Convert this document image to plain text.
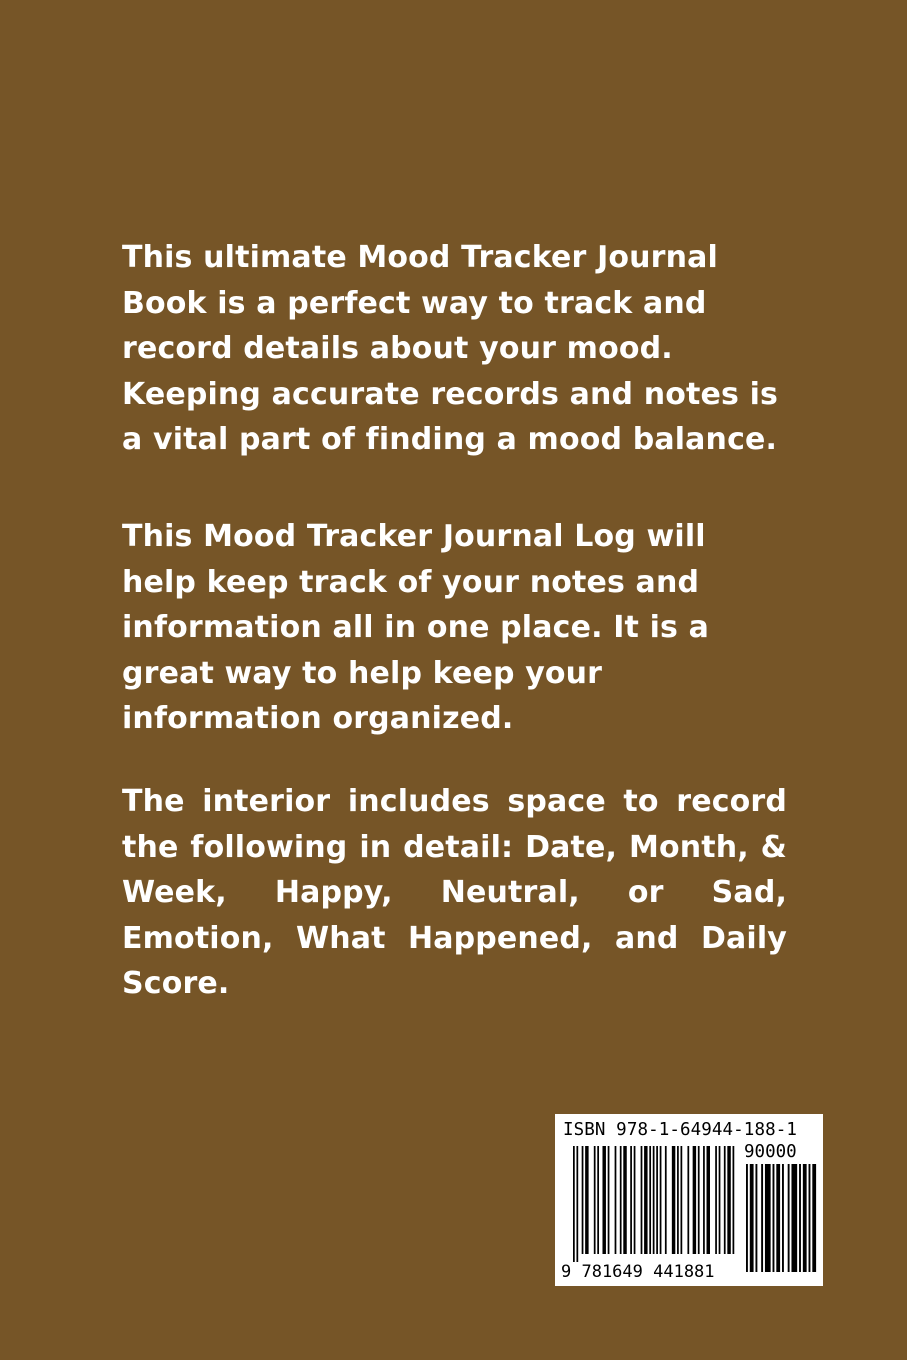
This ultimate Mood Tracker Journal Book is a perfect way to track and record details about your mood. Keeping accurate records and notes is a vital part of finding a mood balance.

This Mood Tracker Journal Log will help keep track of your notes and information all in one place. It is a great way to help keep your information organized.

The interior includes space to record the following in detail: Date, Month, & Week, Happy, Neutral, or Sad, Emotion, What Happened, and Daily Score.

ISBN 978-1-64944-188-1
90000
9 781649 441881
